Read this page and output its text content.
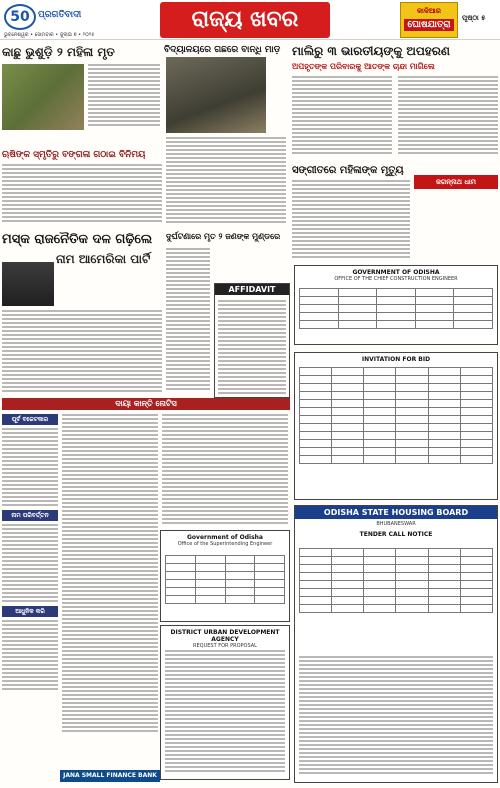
50 ପ୍ରଗତିବାଦୀ
ଭୁବନେଶ୍ୱର • ସୋମବାର • ଜୁଲାଇ ୭ • ୨୦୨୫
ରାଜ୍ୟ ଖବର	କାଳିଆର
ଘୋଷଯାତ୍ରା
ପୃଷ୍ଠା ୫
କାଛୁ ଭୁଶୁଡ଼ି ୨ ମହିଳା ମୃତ	ବିଦ୍ୟାଳୟରେ ଗଛରେ ବାନ୍ଧି ମାଡ଼ ମାଲିରୁ ୩ ଭାରତୀୟଙ୍କୁ ଅପହରଣ
ଅପହୃତଙ୍କ ପରିବାରକୁ ଆତଙ୍କ ଚାନ୍ଦା ମାଗିଲେ
ଋଷିଙ୍କ ସ୍ମୃତିରୁ ବଙ୍ଗଳା ଗଠାଇ ବିନିମୟ
ମସ୍କ ରାଜନୈତିକ ଦଳ ଗଢ଼ିଲେ
ନାମ ଆମେରିକା ପାର୍ଟି
ଦୁର୍ଘଟଣାରେ ମୃତ ୨ ଜଣଙ୍କ ମୁଣ୍ଡରେ
AFFIDAVIT
ସଙ୍ଗୀତରେ ମହିଳାଙ୍କ ମୃତ୍ୟୁ
ଜଗନ୍ନାଥ ଧାମ
GOVERNMENT OF ODISHA
OFFICE OF THE CHIEF CONSTRUCTION ENGINEER

INVITATION FOR BID

ଦାୟା କାନ୍ତି ନୋଟିସ
ପୂର୍ବ ବଜେଟକାର
ନାମ ପରିବର୍ତ୍ତନ
ଆଧୁନିକ କରି
JANA SMALL FINANCE BANK
Government of Odisha
Office of the Superintending Engineer

DISTRICT URBAN DEVELOPMENT AGENCY
REQUEST FOR PROPOSAL
ODISHA STATE HOUSING BOARD
BHUBANESWAR
TENDER CALL NOTICE
